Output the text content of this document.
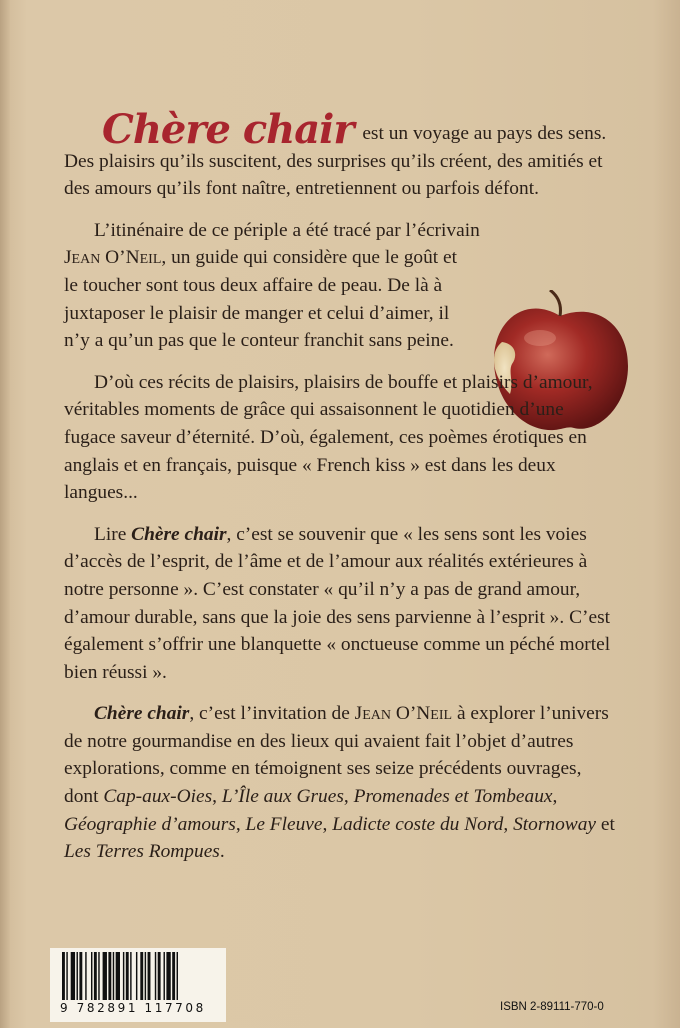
Chère chair est un voyage au pays des sens. Des plaisirs qu’ils suscitent, des surprises qu’ils créent, des amitiés et des amours qu’ils font naître, entretiennent ou parfois défont.

L’itinénaire de ce périple a été tracé par l’écrivain Jean O’Neil, un guide qui considère que le goût et le toucher sont tous deux affaire de peau. De là à juxtaposer le plaisir de manger et celui d’aimer, il n’y a qu’un pas que le conteur franchit sans peine.

D’où ces récits de plaisirs, plaisirs de bouffe et plaisirs d’amour, véritables moments de grâce qui assaisonnent le quotidien d’une fugace saveur d’éternité. D’où, également, ces poèmes érotiques en anglais et en français, puisque « French kiss » est dans les deux langues...

Lire Chère chair, c’est se souvenir que « les sens sont les voies d’accès de l’esprit, de l’âme et de l’amour aux réalités extérieures à notre personne ». C’est constater « qu’il n’y a pas de grand amour, d’amour durable, sans que la joie des sens parvienne à l’esprit ». C’est également s’offrir une blanquette « onctueuse comme un péché mortel bien réussi ».

Chère chair, c’est l’invitation de Jean O’Neil à explorer l’univers de notre gourmandise en des lieux qui avaient fait l’objet d’autres explorations, comme en témoignent ses seize précédents ouvrages, dont Cap-aux-Oies, L’Île aux Grues, Promenades et Tombeaux, Géographie d’amours, Le Fleuve, Ladicte coste du Nord, Stornoway et Les Terres Rompues.

9 782891 117708	ISBN 2-89111-770-0
